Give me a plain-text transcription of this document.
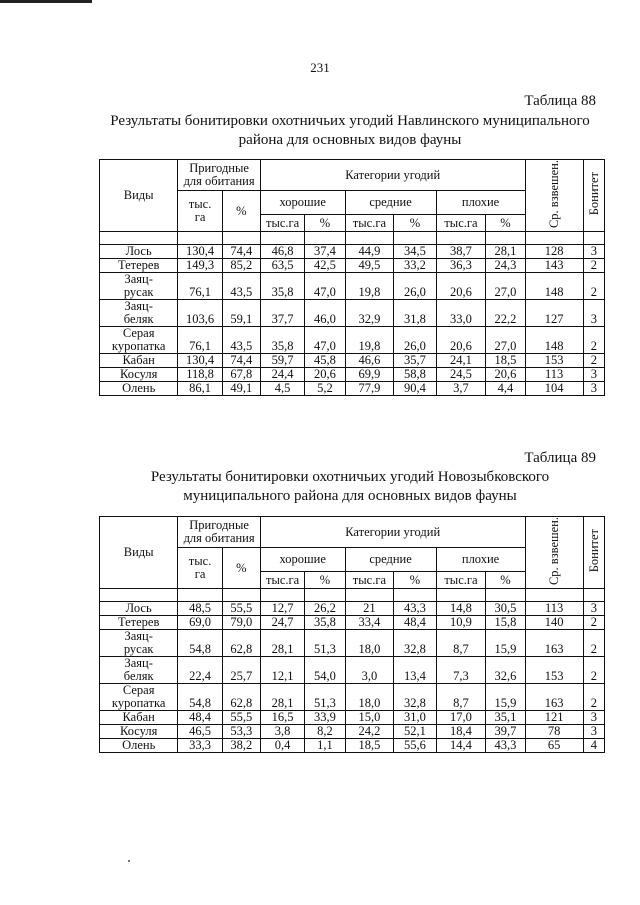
231
Таблица 88
Результаты бонитировки охотничьих угодий Навлинского муниципального
района для основных видов фауны
Виды	Пригодные
для обитания		Категории угодий						Ср. взвешен.	Бонитет

	тыс.
га	%	хорошие		средние		плохие			
			тыс.га	%	тыс.га	%	тыс.га	%		

Лось	130,4	74,4	46,8	37,4	44,9	34,5	38,7	28,1	128	3
Тетерев	149,3	85,2	63,5	42,5	49,5	33,2	36,3	24,3	143	2

Заяц-
русак	76,1	43,5	35,8	47,0	19,8	26,0	20,6	27,0	148	2

Заяц-
беляк	103,6	59,1	37,7	46,0	32,9	31,8	33,0	22,2	127	3

Серая
куропатка	76,1	43,5	35,8	47,0	19,8	26,0	20,6	27,0	148	2
Кабан	130,4	74,4	59,7	45,8	46,6	35,7	24,1	18,5	153	2
Косуля	118,8	67,8	24,4	20,6	69,9	58,8	24,5	20,6	113	3
Олень	86,1	49,1	4,5	5,2	77,9	90,4	3,7	4,4	104	3
Таблица 89
Результаты бонитировки охотничьих угодий Новозыбковского
муниципального района для основных видов фауны
Виды	Пригодные
для обитания		Категории угодий						Ср. взвешен.	Бонитет

	тыс.
га	%	хорошие		средние		плохие			
			тыс.га	%	тыс.га	%	тыс.га	%		

Лось	48,5	55,5	12,7	26,2	21	43,3	14,8	30,5	113	3
Тетерев	69,0	79,0	24,7	35,8	33,4	48,4	10,9	15,8	140	2

Заяц-
русак	54,8	62,8	28,1	51,3	18,0	32,8	8,7	15,9	163	2

Заяц-
беляк	22,4	25,7	12,1	54,0	3,0	13,4	7,3	32,6	153	2

Серая
куропатка	54,8	62,8	28,1	51,3	18,0	32,8	8,7	15,9	163	2
Кабан	48,4	55,5	16,5	33,9	15,0	31,0	17,0	35,1	121	3
Косуля	46,5	53,3	3,8	8,2	24,2	52,1	18,4	39,7	78	3
Олень	33,3	38,2	0,4	1,1	18,5	55,6	14,4	43,3	65	4
